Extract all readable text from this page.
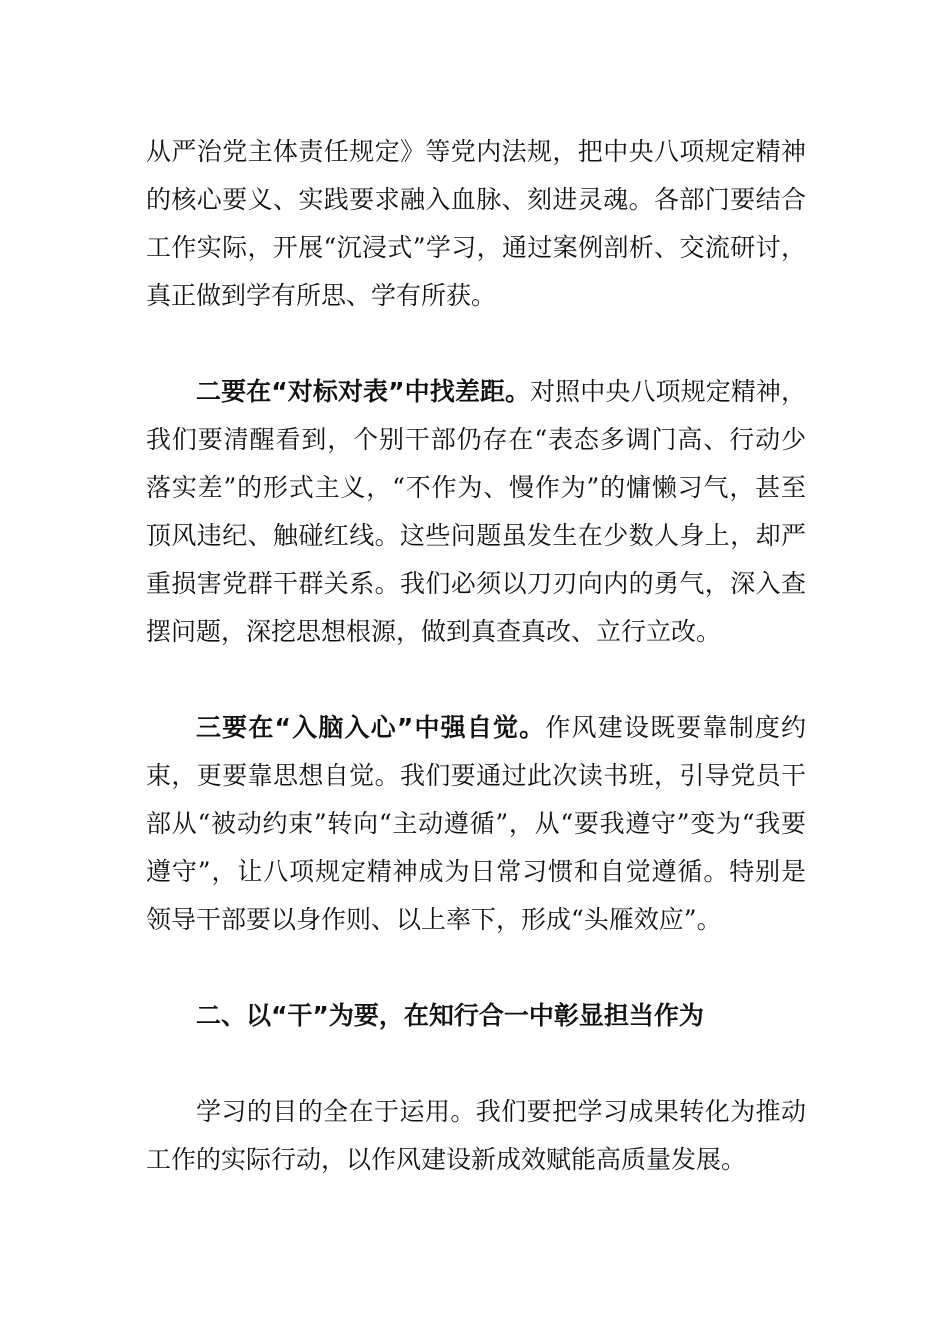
从严治党主体责任规定》等党内法规，把中央八项规定精神的核心要义、实践要求融入血脉、刻进灵魂。各部门要结合工作实际，开展“沉浸式”学习，通过案例剖析、交流研讨，真正做到学有所思、学有所获。

二要在“对标对表”中找差距。对照中央八项规定精神，我们要清醒看到，个别干部仍存在“表态多调门高、行动少落实差”的形式主义，“不作为、慢作为”的慵懒习气，甚至顶风违纪、触碰红线。这些问题虽发生在少数人身上，却严重损害党群干群关系。我们必须以刀刃向内的勇气，深入查摆问题，深挖思想根源，做到真查真改、立行立改。

三要在“入脑入心”中强自觉。作风建设既要靠制度约束，更要靠思想自觉。我们要通过此次读书班，引导党员干部从“被动约束”转向“主动遵循”，从“要我遵守”变为“我要遵守”，让八项规定精神成为日常习惯和自觉遵循。特别是领导干部要以身作则、以上率下，形成“头雁效应”。

二、以“干”为要，在知行合一中彰显担当作为

学习的目的全在于运用。我们要把学习成果转化为推动工作的实际行动，以作风建设新成效赋能高质量发展。
